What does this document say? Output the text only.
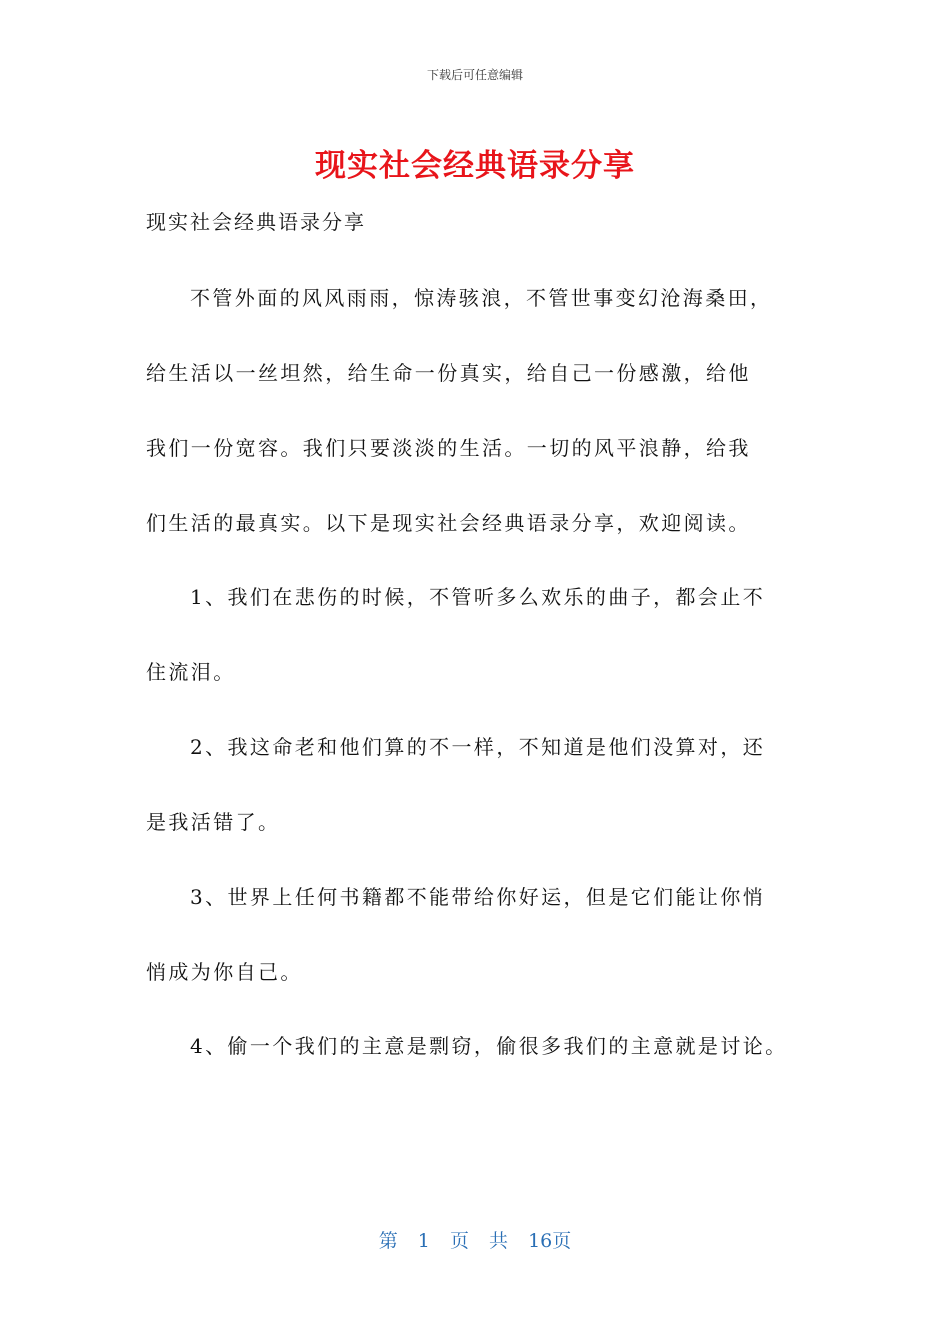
下载后可任意编辑
现实社会经典语录分享
现实社会经典语录分享
不管外面的风风雨雨，惊涛骇浪，不管世事变幻沧海桑田，
给生活以一丝坦然，给生命一份真实，给自己一份感激，给他
我们一份宽容。我们只要淡淡的生活。一切的风平浪静，给我
们生活的最真实。以下是现实社会经典语录分享，欢迎阅读。
1、我们在悲伤的时候，不管听多么欢乐的曲子，都会止不
住流泪。
2、我这命老和他们算的不一样，不知道是他们没算对，还
是我活错了。
3、世界上任何书籍都不能带给你好运，但是它们能让你悄
悄成为你自己。
4、偷一个我们的主意是剽窃，偷很多我们的主意就是讨论。
第 1 页 共 16页
